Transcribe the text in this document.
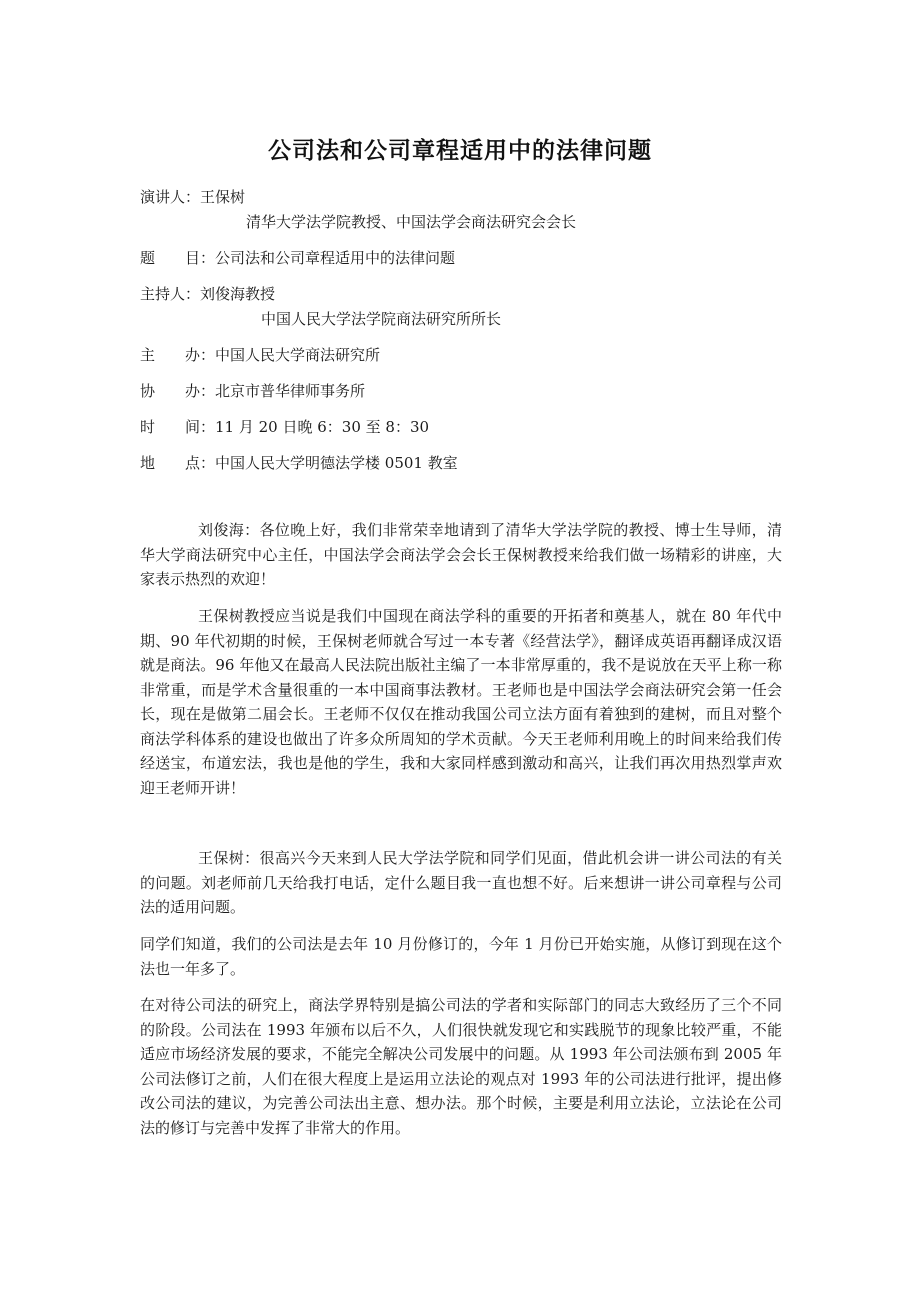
公司法和公司章程适用中的法律问题
演讲人：王保树
清华大学法学院教授、中国法学会商法研究会会长
题　　目：公司法和公司章程适用中的法律问题
主持人：刘俊海教授
中国人民大学法学院商法研究所所长
主　　办：中国人民大学商法研究所
协　　办：北京市普华律师事务所
时　　间：11 月 20 日晚 6：30 至 8：30
地　　点：中国人民大学明德法学楼 0501 教室

刘俊海：各位晚上好，我们非常荣幸地请到了清华大学法学院的教授、博士生导师，清华大学商法研究中心主任，中国法学会商法学会会长王保树教授来给我们做一场精彩的讲座，大家表示热烈的欢迎！

王保树教授应当说是我们中国现在商法学科的重要的开拓者和奠基人，就在 80 年代中期、90 年代初期的时候，王保树老师就合写过一本专著《经营法学》，翻译成英语再翻译成汉语就是商法。96 年他又在最高人民法院出版社主编了一本非常厚重的，我不是说放在天平上称一称非常重，而是学术含量很重的一本中国商事法教材。王老师也是中国法学会商法研究会第一任会长，现在是做第二届会长。王老师不仅仅在推动我国公司立法方面有着独到的建树，而且对整个商法学科体系的建设也做出了许多众所周知的学术贡献。今天王老师利用晚上的时间来给我们传经送宝，布道宏法，我也是他的学生，我和大家同样感到激动和高兴，让我们再次用热烈掌声欢迎王老师开讲！

王保树：很高兴今天来到人民大学法学院和同学们见面，借此机会讲一讲公司法的有关的问题。刘老师前几天给我打电话，定什么题目我一直也想不好。后来想讲一讲公司章程与公司法的适用问题。

同学们知道，我们的公司法是去年 10 月份修订的，今年 1 月份已开始实施，从修订到现在这个法也一年多了。

在对待公司法的研究上，商法学界特别是搞公司法的学者和实际部门的同志大致经历了三个不同的阶段。公司法在 1993 年颁布以后不久，人们很快就发现它和实践脱节的现象比较严重，不能适应市场经济发展的要求，不能完全解决公司发展中的问题。从 1993 年公司法颁布到 2005 年公司法修订之前，人们在很大程度上是运用立法论的观点对 1993 年的公司法进行批评，提出修改公司法的建议，为完善公司法出主意、想办法。那个时候，主要是利用立法论，立法论在公司法的修订与完善中发挥了非常大的作用。
